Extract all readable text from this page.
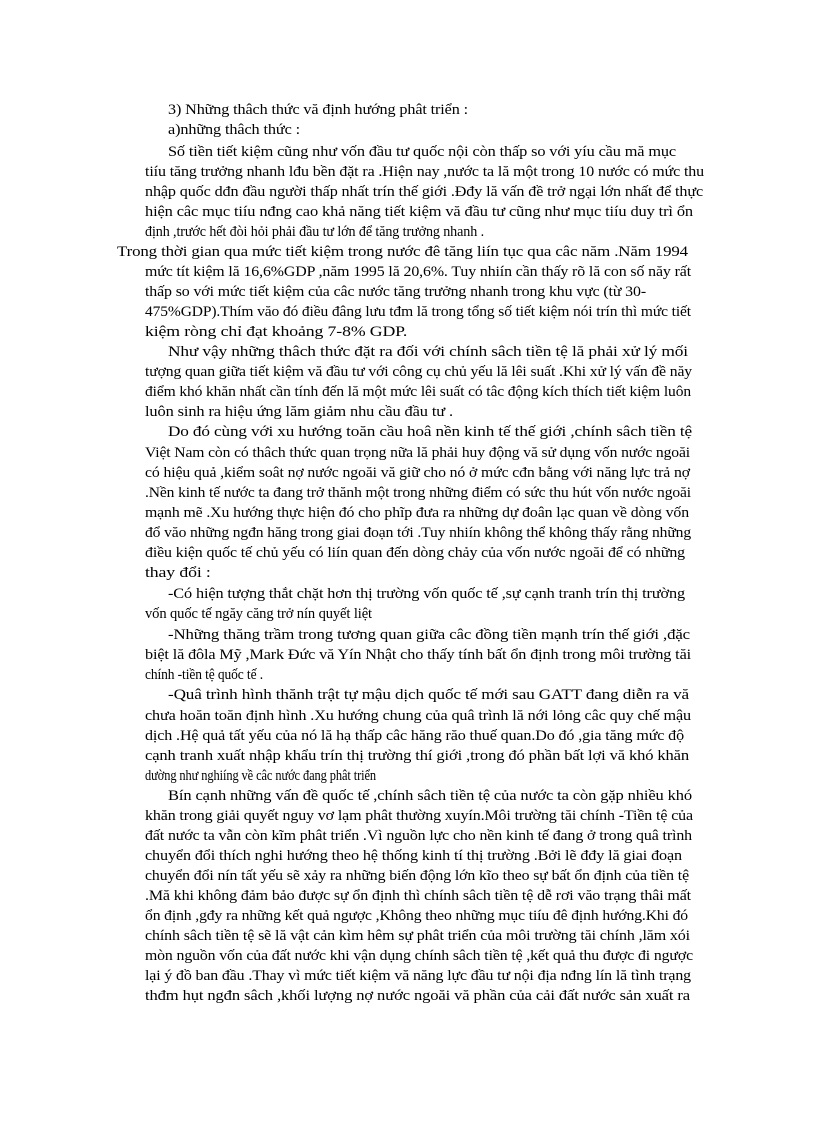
3) Những thâch thức vă định hướng phât triển :
a)những thâch thức :
Số tiền tiết kiệm cũng như vốn đầu tư quốc nội còn thấp so với yíu cầu mă mục
tiíu tăng trưởng nhanh lđu bền đặt ra .Hiện nay ,nước ta lă một trong 10 nước có mức thu
nhập quốc dđn đầu người thấp nhất trín thế giới .Đđy lă vấn đề trở ngại lớn nhất để thực
hiện câc mục tiíu nđng cao khả năng tiết kiệm vă đầu tư cũng như mục tiíu duy trì ổn
định ,trước hết đòi hỏi phải đầu tư lớn để tăng trưởng nhanh .
Trong thời gian qua mức tiết kiệm trong nước đê tăng liín tục qua câc năm .Năm 1994
mức tít kiệm lă 16,6%GDP ,năm 1995 lă 20,6%. Tuy nhiín cần thấy rõ lă con số năy rất
thấp so với mức tiết kiệm của câc nước tăng trưởng nhanh trong khu vực (từ 30-
475%GDP).Thím văo đó điều đâng lưu tđm lă trong tổng số tiết kiệm nói trín thì mức tiết
kiệm ròng chỉ đạt khoảng 7-8% GDP.
Như vậy những thâch thức đặt ra đối với chính sâch tiền tệ lă phải xử lý mối
tượng quan giữa tiết kiệm vă đầu tư với công cụ chủ yếu lă lêi suất .Khi xử lý vấn đề năy
điểm khó khăn nhất cần tính đến lă một mức lêi suất có tâc động kích thích tiết kiệm luôn
luôn sinh ra hiệu ứng lăm giảm nhu cầu đầu tư .
Do đó cùng với xu hướng toăn cầu hoâ nền kinh tế thế giới ,chính sâch tiền tệ
Việt Nam còn có thâch thức quan trọng nữa lă phải huy động vă sử dụng vốn nước ngoăi
có hiệu quả ,kiểm soât nợ nước ngoăi vă giữ cho nó ở mức cđn bằng với năng lực trả nợ
.Nền kinh tế nước ta đang trở thănh một trong những điểm có sức thu hút vốn nước ngoăi
mạnh mẽ .Xu hướng thực hiện đó cho phĩp đưa ra những dự đoân lạc quan về dòng vốn
đổ văo những ngđn hăng trong giai đoạn tới .Tuy nhiín không thể không thấy rằng những
điều kiện quốc tế chủ yếu có liín quan đến dòng chảy của vốn nước ngoăi để có những
thay đổi :
-Có hiện tượng thắt chặt hơn thị trường vốn quốc tế ,sự cạnh tranh trín thị trường
vốn quốc tế ngăy căng trở nín quyết liệt
-Những thăng trầm trong tương quan giữa câc đồng tiền mạnh trín thế giới ,đặc
biệt lă đôla Mỹ ,Mark Đức vă Yín Nhật cho thấy tính bất ổn định trong môi trường tăi
chính -tiền tệ quốc tế .
-Quâ trình hình thănh trật tự mậu dịch quốc tế mới sau GATT đang diễn ra vă
chưa hoăn toăn định hình .Xu hướng chung của quâ trình lă nới lỏng câc quy chế mậu
dịch .Hệ quả tất yếu của nó lă hạ thấp câc hăng răo thuế quan.Do đó ,gia tăng mức độ
cạnh tranh xuất nhập khẩu trín thị trường thí giới ,trong đó phần bất lợi vă khó khăn
dường như nghiíng về câc nước đang phât triển
Bín cạnh những vấn đề quốc tế ,chính sâch tiền tệ của nước ta còn gặp nhiều khó
khăn trong giải quyết nguy vơ lạm phât thường xuyín.Môi trường tăi chính -Tiền tệ của
đất nước ta vẫn còn kĩm phât triển .Vì nguồn lực cho nền kinh tế đang ở trong quâ trình
chuyển đổi thích nghi hướng theo hệ thống kinh tí thị trường .Bởi lẽ đđy lă giai đoạn
chuyển đổi nín tất yếu sẽ xảy ra những biến động lớn kĩo theo sự bất ổn định của tiền tệ
.Mă khi không đảm bảo được sự ổn định thì chính sâch tiền tệ dễ rơi văo trạng thâi mất
ổn định ,gđy ra những kết quả ngược ,Không theo những mục tiíu đê định hướng.Khi đó
chính sâch tiền tệ sẽ lă vật cản kìm hêm sự phât triển của môi trường tăi chính ,lăm xói
mòn nguồn vốn của đất nước khi vận dụng chính sâch tiền tệ ,kết quả thu được đi ngược
lại ý đồ ban đầu .Thay vì mức tiết kiệm vă năng lực đầu tư nội địa nđng lín lă tình trạng
thđm hụt ngđn sâch ,khối lượng nợ nước ngoăi vă phần của cải đất nước sản xuất ra
